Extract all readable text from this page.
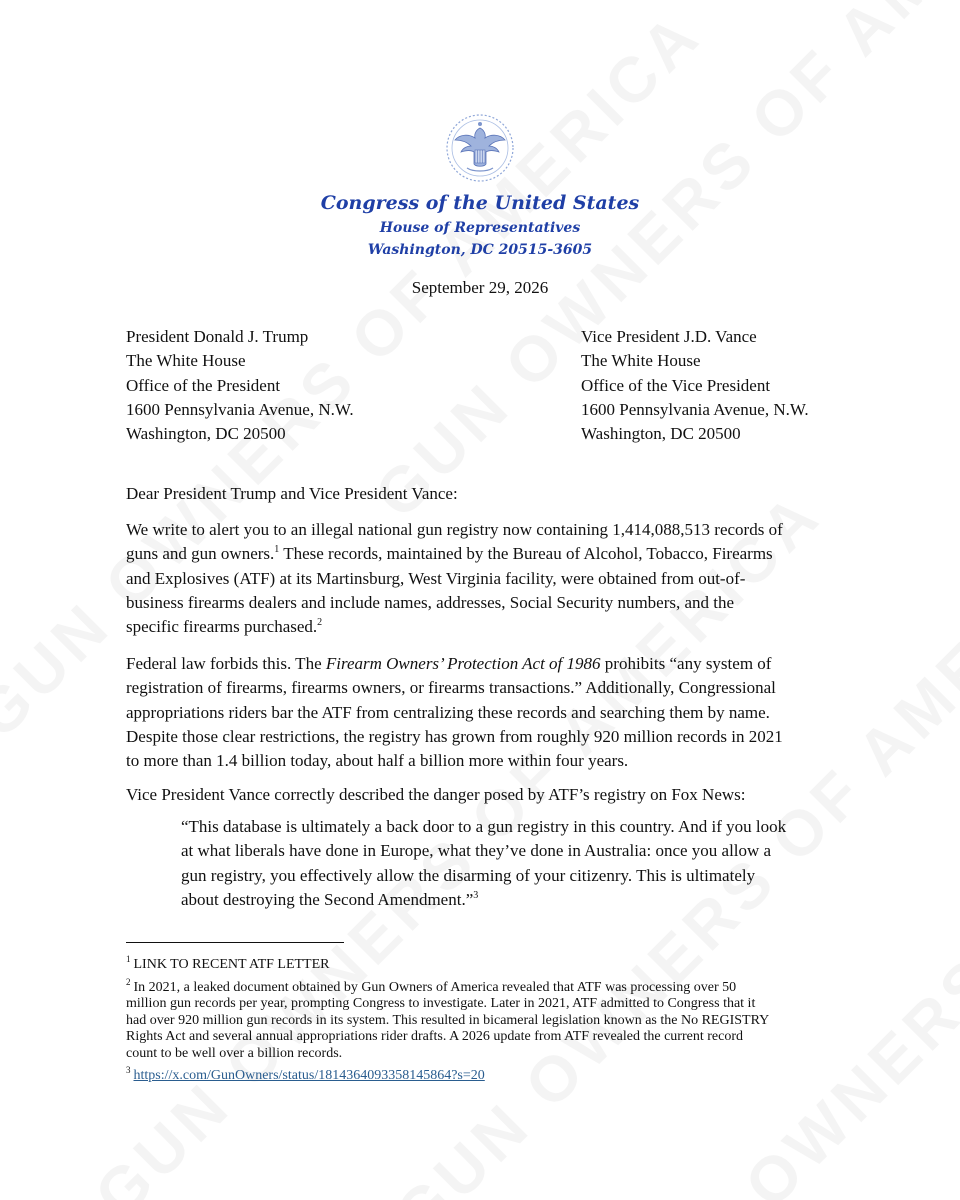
Congress of the United States
House of Representatives
Washington, DC 20515-3605
September 29, 2026
President Donald J. Trump
The White House
Office of the President
1600 Pennsylvania Avenue, N.W.
Washington, DC 20500
Vice President J.D. Vance
The White House
Office of the Vice President
1600 Pennsylvania Avenue, N.W.
Washington, DC 20500
Dear President Trump and Vice President Vance:
We write to alert you to an illegal national gun registry now containing 1,414,088,513 records of
guns and gun owners.$^1$ These records, maintained by the Bureau of Alcohol, Tobacco, Firearms
and Explosives (ATF) at its Martinsburg, West Virginia facility, were obtained from out-of-
business firearms dealers and include names, addresses, Social Security numbers, and the
specific firearms purchased.$^2$
Federal law forbids this. The Firearm Owners’ Protection Act of 1986 prohibits “any system of
registration of firearms, firearms owners, or firearms transactions.” Additionally, Congressional
appropriations riders bar the ATF from centralizing these records and searching them by name.
Despite those clear restrictions, the registry has grown from roughly 920 million records in 2021
to more than 1.4 billion today, about half a billion more within four years.
Vice President Vance correctly described the danger posed by ATF’s registry on Fox News:
“This database is ultimately a back door to a gun registry in this country. And if you look
at what liberals have done in Europe, what they’ve done in Australia: once you allow a
gun registry, you effectively allow the disarming of your citizenry. This is ultimately
about destroying the Second Amendment.”$^3$
$^1$ LINK TO RECENT ATF LETTER
$^2$ In 2021, a leaked document obtained by Gun Owners of America revealed that ATF was processing over 50
million gun records per year, prompting Congress to investigate. Later in 2021, ATF admitted to Congress that it
had over 920 million gun records in its system. This resulted in bicameral legislation known as the No REGISTRY
Rights Act and several annual appropriations rider drafts. A 2026 update from ATF revealed the current record
count to be well over a billion records.
$^3$ https://x.com/GunOwners/status/1814364093358145864?s=20
